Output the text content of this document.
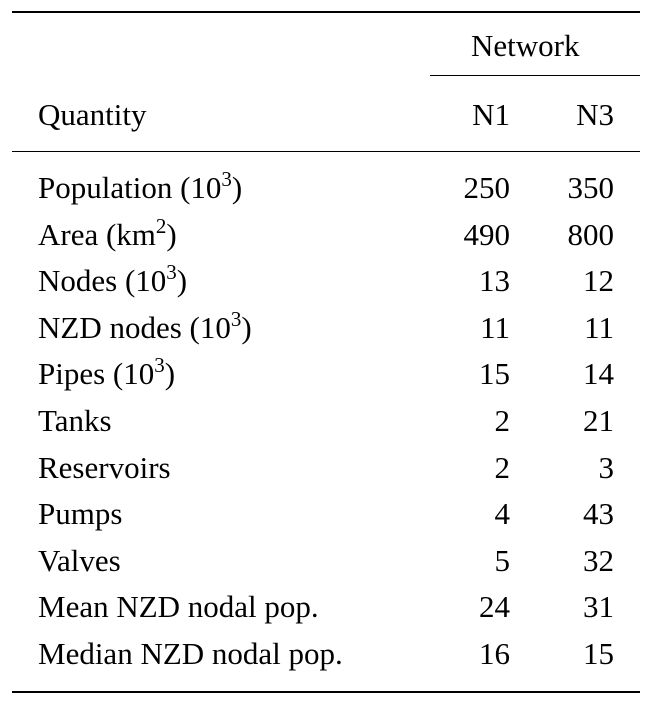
Network
Quantity	N1	N3
Population $(10^3)$	250	350
Area $(km^2)$	490	800
Nodes $(10^3)$	13	12
NZD nodes $(10^3)$	11	11
Pipes $(10^3)$	15	14
Tanks	2	21
Reservoirs	2	3
Pumps	4	43
Valves	5	32
Mean NZD nodal pop.	24	31
Median NZD nodal pop.	16	15
